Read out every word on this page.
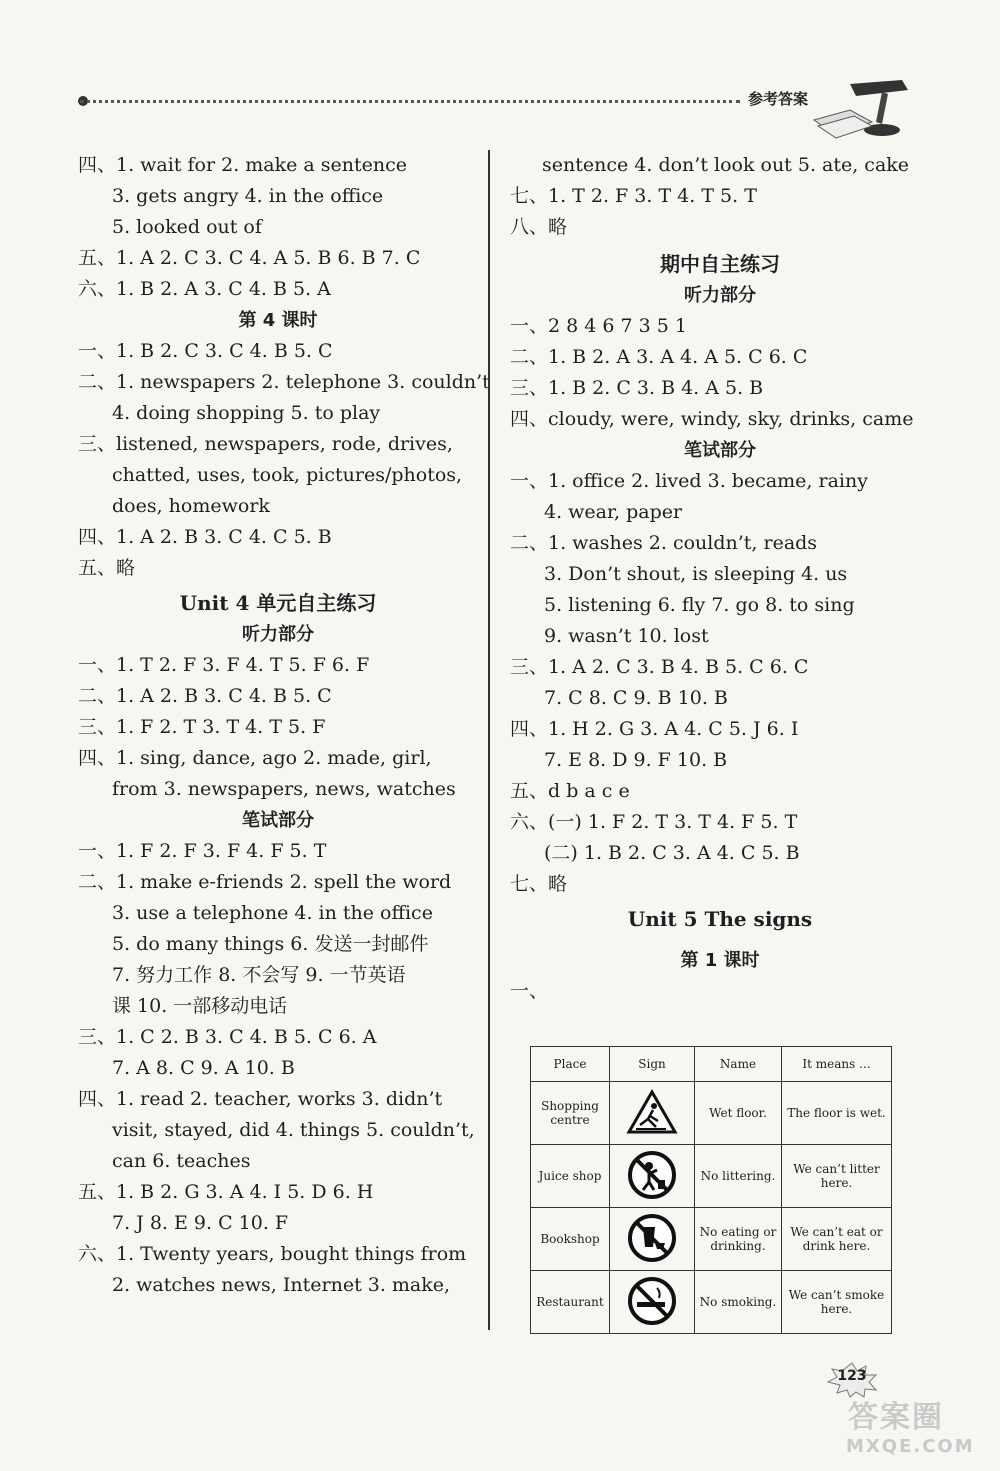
参考答案
四、1. wait for 2. make a sentence
3. gets angry 4. in the office
5. looked out of
五、1. A 2. C 3. C 4. A 5. B 6. B 7. C
六、1. B 2. A 3. C 4. B 5. A
第 4 课时
一、1. B 2. C 3. C 4. B 5. C
二、1. newspapers 2. telephone 3. couldn’t
4. doing shopping 5. to play
三、listened, newspapers, rode, drives,
chatted, uses, took, pictures/photos,
does, homework
四、1. A 2. B 3. C 4. C 5. B
五、略
Unit 4 单元自主练习
听力部分
一、1. T 2. F 3. F 4. T 5. F 6. F
二、1. A 2. B 3. C 4. B 5. C
三、1. F 2. T 3. T 4. T 5. F
四、1. sing, dance, ago 2. made, girl,
from 3. newspapers, news, watches
笔试部分
一、1. F 2. F 3. F 4. F 5. T
二、1. make e-friends 2. spell the word
3. use a telephone 4. in the office
5. do many things 6. 发送一封邮件
7. 努力工作 8. 不会写 9. 一节英语
课 10. 一部移动电话
三、1. C 2. B 3. C 4. B 5. C 6. A
7. A 8. C 9. A 10. B
四、1. read 2. teacher, works 3. didn’t
visit, stayed, did 4. things 5. couldn’t,
can 6. teaches
五、1. B 2. G 3. A 4. I 5. D 6. H
7. J 8. E 9. C 10. F
六、1. Twenty years, bought things from
2. watches news, Internet 3. make,
sentence 4. don’t look out 5. ate, cake
七、1. T 2. F 3. T 4. T 5. T
八、略
期中自主练习
听力部分
一、2 8 4 6 7 3 5 1
二、1. B 2. A 3. A 4. A 5. C 6. C
三、1. B 2. C 3. B 4. A 5. B
四、cloudy, were, windy, sky, drinks, came
笔试部分
一、1. office 2. lived 3. became, rainy
4. wear, paper
二、1. washes 2. couldn’t, reads
3. Don’t shout, is sleeping 4. us
5. listening 6. fly 7. go 8. to sing
9. wasn’t 10. lost
三、1. A 2. C 3. B 4. B 5. C 6. C
7. C 8. C 9. B 10. B
四、1. H 2. G 3. A 4. C 5. J 6. I
7. E 8. D 9. F 10. B
五、d b a c e
六、(一) 1. F 2. T 3. T 4. F 5. T
(二) 1. B 2. C 3. A 4. C 5. B
七、略
Unit 5 The signs
第 1 课时
一、
Place	Sign	Name	It means ...
Shopping centre		Wet floor.	The floor is wet.
Juice shop		No littering.	We can’t litter here.
Bookshop		No eating or drinking.	We can’t eat or drink here.
Restaurant		No smoking.	We can’t smoke here.
123
答案圈
MXQE.COM
